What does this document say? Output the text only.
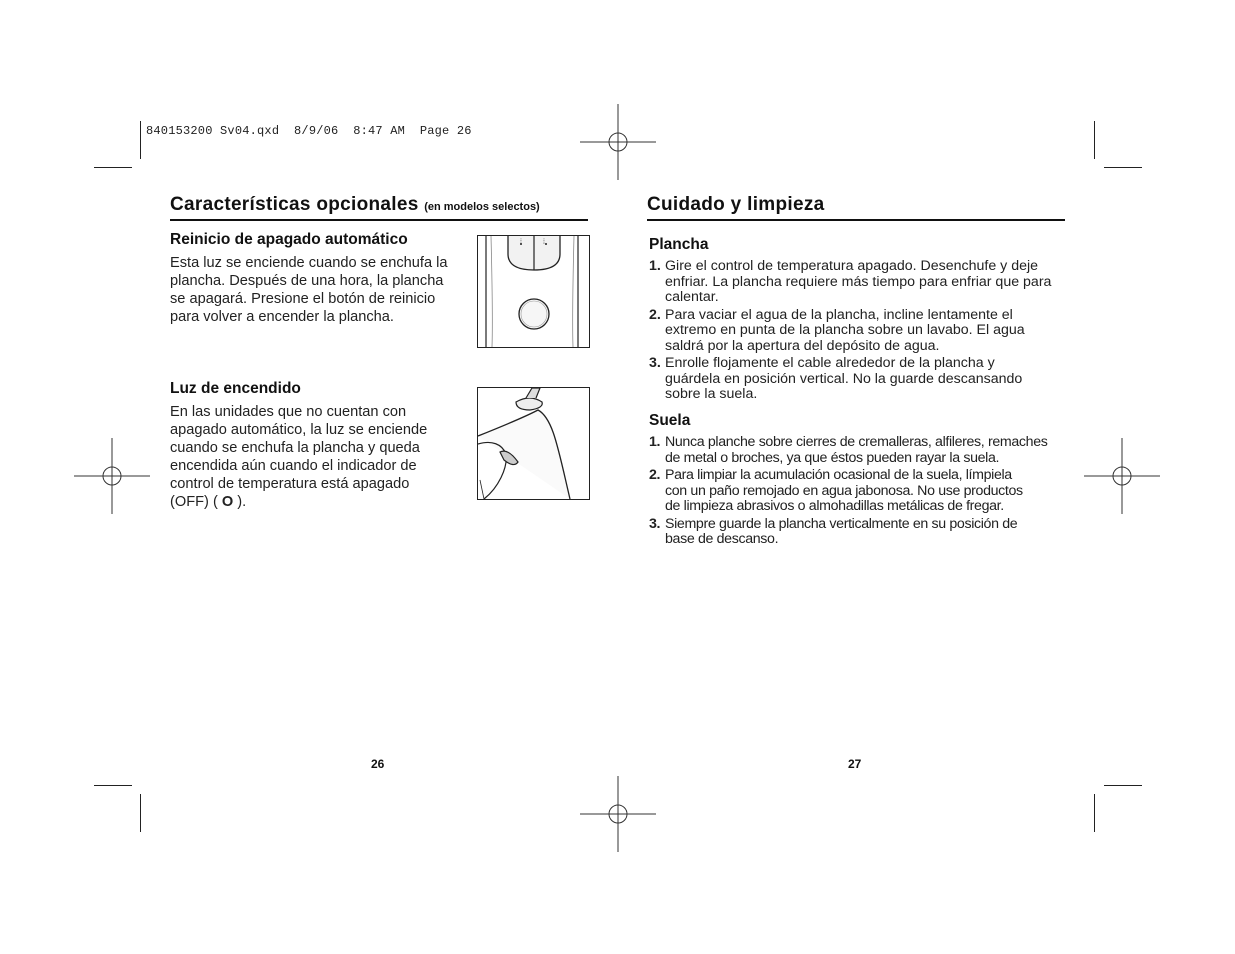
840153200 Sv04.qxd  8/9/06  8:47 AM  Page 26
Características opcionales (en modelos selectos)
Reinicio de apagado automático
Esta luz se enciende cuando se enchufa la
plancha. Después de una hora, la plancha
se apagará. Presione el botón de reinicio
para volver a encender la plancha.
⁞	⁞
Luz de encendido
En las unidades que no cuentan con
apagado automático, la luz se enciende
cuando se enchufa la plancha y queda
encendida aún cuando el indicador de
control de temperatura está apagado
(OFF) ( O ).
26
Cuidado y limpieza
Plancha
1. Gire el control de temperatura apagado. Desenchufe y deje
enfriar. La plancha requiere más tiempo para enfriar que para
calentar.
2. Para vaciar el agua de la plancha, incline lentamente el
extremo en punta de la plancha sobre un lavabo. El agua
saldrá por la apertura del depósito de agua.
3. Enrolle flojamente el cable alrededor de la plancha y
guárdela en posición vertical. No la guarde descansando
sobre la suela.
Suela
1. Nunca planche sobre cierres de cremalleras, alfileres, remaches
de metal o broches, ya que éstos pueden rayar la suela.
2. Para limpiar la acumulación ocasional de la suela, límpiela
con un paño remojado en agua jabonosa. No use productos
de limpieza abrasivos o almohadillas metálicas de fregar.
3. Siempre guarde la plancha verticalmente en su posición de
base de descanso.
27
